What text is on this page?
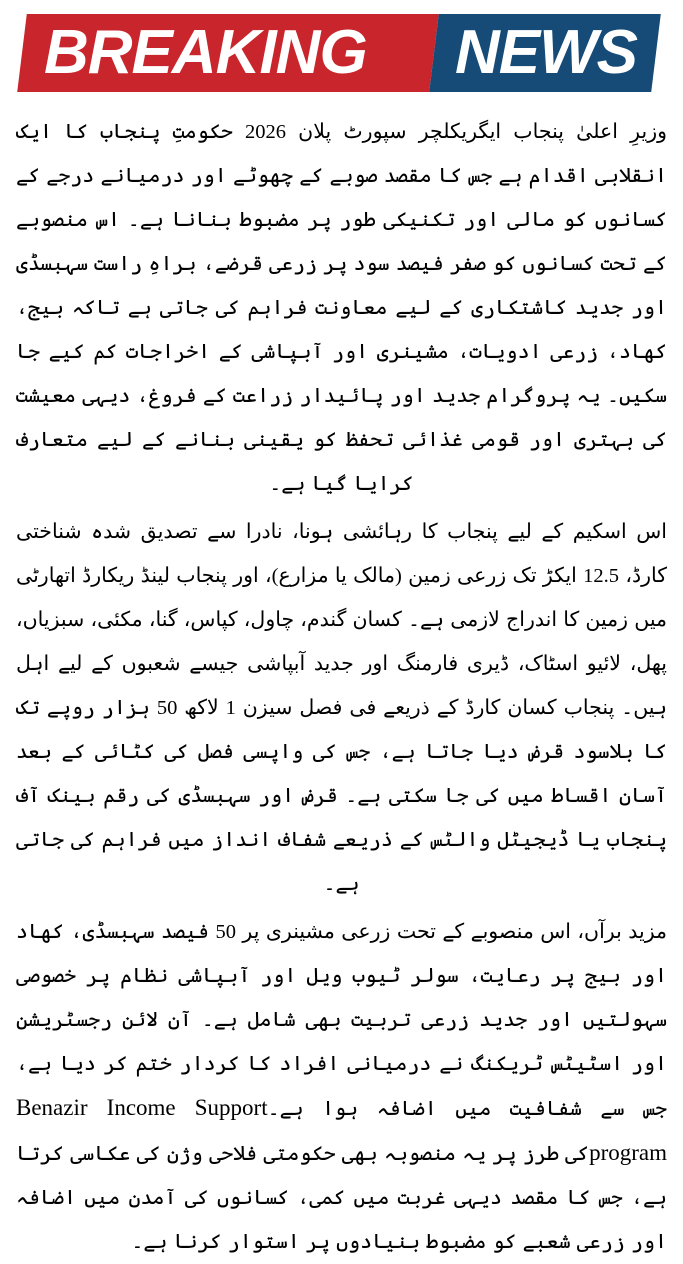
BREAKING NEWS

وزیرِ اعلیٰ پنجاب ایگریکلچر سپورٹ پلان 2026 حکومتِ پنجاب کا ایک انقلابی اقدام ہے جس کا مقصد صوبے کے چھوٹے اور درمیانے درجے کے کسانوں کو مالی اور تکنیکی طور پر مضبوط بنانا ہے۔ اس منصوبے کے تحت کسانوں کو صفر فیصد سود پر زرعی قرضے، براہِ راست سہبسڈی اور جدید کاشتکاری کے لیے معاونت فراہم کی جاتی ہے تاکہ بیج، کھاد، زرعی ادویات، مشینری اور آبپاشی کے اخراجات کم کیے جا سکیں۔ یہ پروگرام جدید اور پائیدار زراعت کے فروغ، دیہی معیشت کی بہتری اور قومی غذائی تحفظ کو یقینی بنانے کے لیے متعارف کرایا گیا ہے۔

اس اسکیم کے لیے پنجاب کا رہائشی ہونا، نادرا سے تصدیق شدہ شناختی کارڈ، 12.5 ایکڑ تک زرعی زمین (مالک یا مزارع)، اور پنجاب لینڈ ریکارڈ اتھارٹی میں زمین کا اندراج لازمی ہے۔ کسان گندم، چاول، کپاس، گنا، مکئی، سبزیاں، پھل، لائیو اسٹاک، ڈیری فارمنگ اور جدید آبپاشی جیسے شعبوں کے لیے اہل ہیں۔ پنجاب کسان کارڈ کے ذریعے فی فصل سیزن 1 لاکھ 50 ہزار روپے تک کا بلاسود قرض دیا جاتا ہے، جس کی واپسی فصل کی کٹائی کے بعد آسان اقساط میں کی جا سکتی ہے۔ قرض اور سہبسڈی کی رقم بینک آف پنجاب یا ڈیجیٹل والٹس کے ذریعے شفاف انداز میں فراہم کی جاتی ہے۔

مزید برآں، اس منصوبے کے تحت زرعی مشینری پر 50 فیصد سہبسڈی، کھاد اور بیج پر رعایت، سولر ٹیوب ویل اور آبپاشی نظام پر خصوصی سہولتیں اور جدید زرعی تربیت بھی شامل ہے۔ آن لائن رجسٹریشن اور اسٹیٹس ٹریکنگ نے درمیانی افراد کا کردار ختم کر دیا ہے، جس سے شفافیت میں اضافہ ہوا ہے۔Benazir Income Support programکی طرز پر یہ منصوبہ بھی حکومتی فلاحی وژن کی عکاسی کرتا ہے، جس کا مقصد دیہی غربت میں کمی، کسانوں کی آمدن میں اضافہ اور زرعی شعبے کو مضبوط بنیادوں پر استوار کرنا ہے۔
